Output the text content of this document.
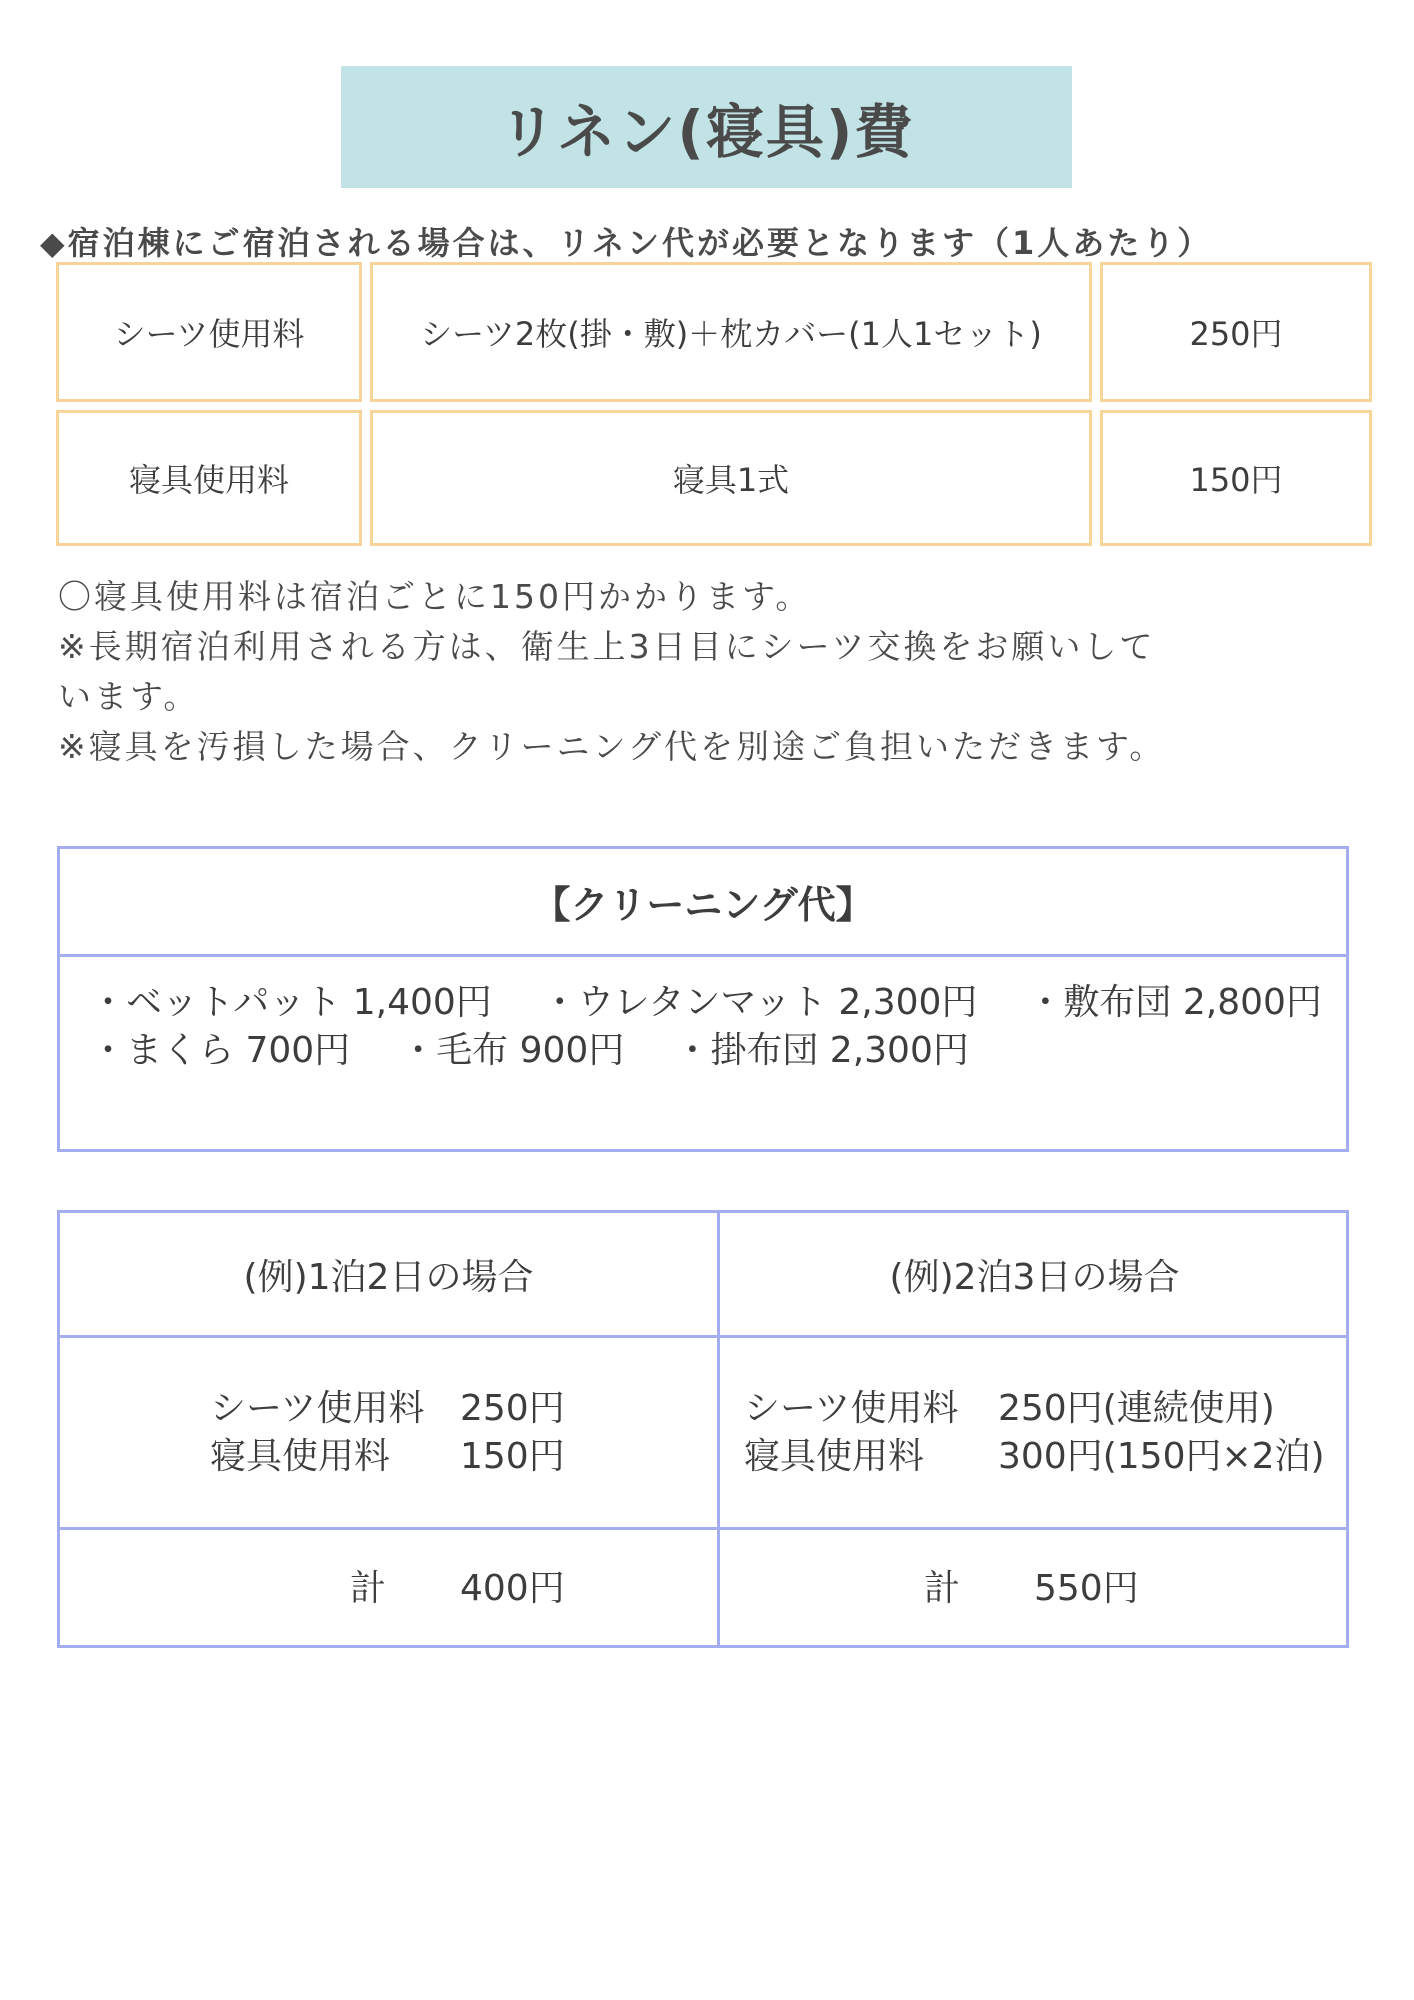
リネン(寝具)費
◆宿泊棟にご宿泊される場合は、リネン代が必要となります（1人あたり）
シーツ使用料	シーツ2枚(掛・敷)＋枕カバー(1人1セット)	250円
寝具使用料	寝具1式	150円
〇寝具使用料は宿泊ごとに150円かかります。
※長期宿泊利用される方は、衛生上3日目にシーツ交換をお願いして
います。
※寝具を汚損した場合、クリーニング代を別途ご負担いただきます。
【クリーニング代】
・ベットパット 1,400円 ・ウレタンマット 2,300円 ・敷布団 2,800円
・まくら 700円 ・毛布 900円 ・掛布団 2,300円
(例)1泊2日の場合
シーツ使用料 250円
寝具使用料	150円
計	400円
(例)2泊3日の場合
シーツ使用料	250円(連続使用)
寝具使用料	300円(150円×2泊)
計	550円
